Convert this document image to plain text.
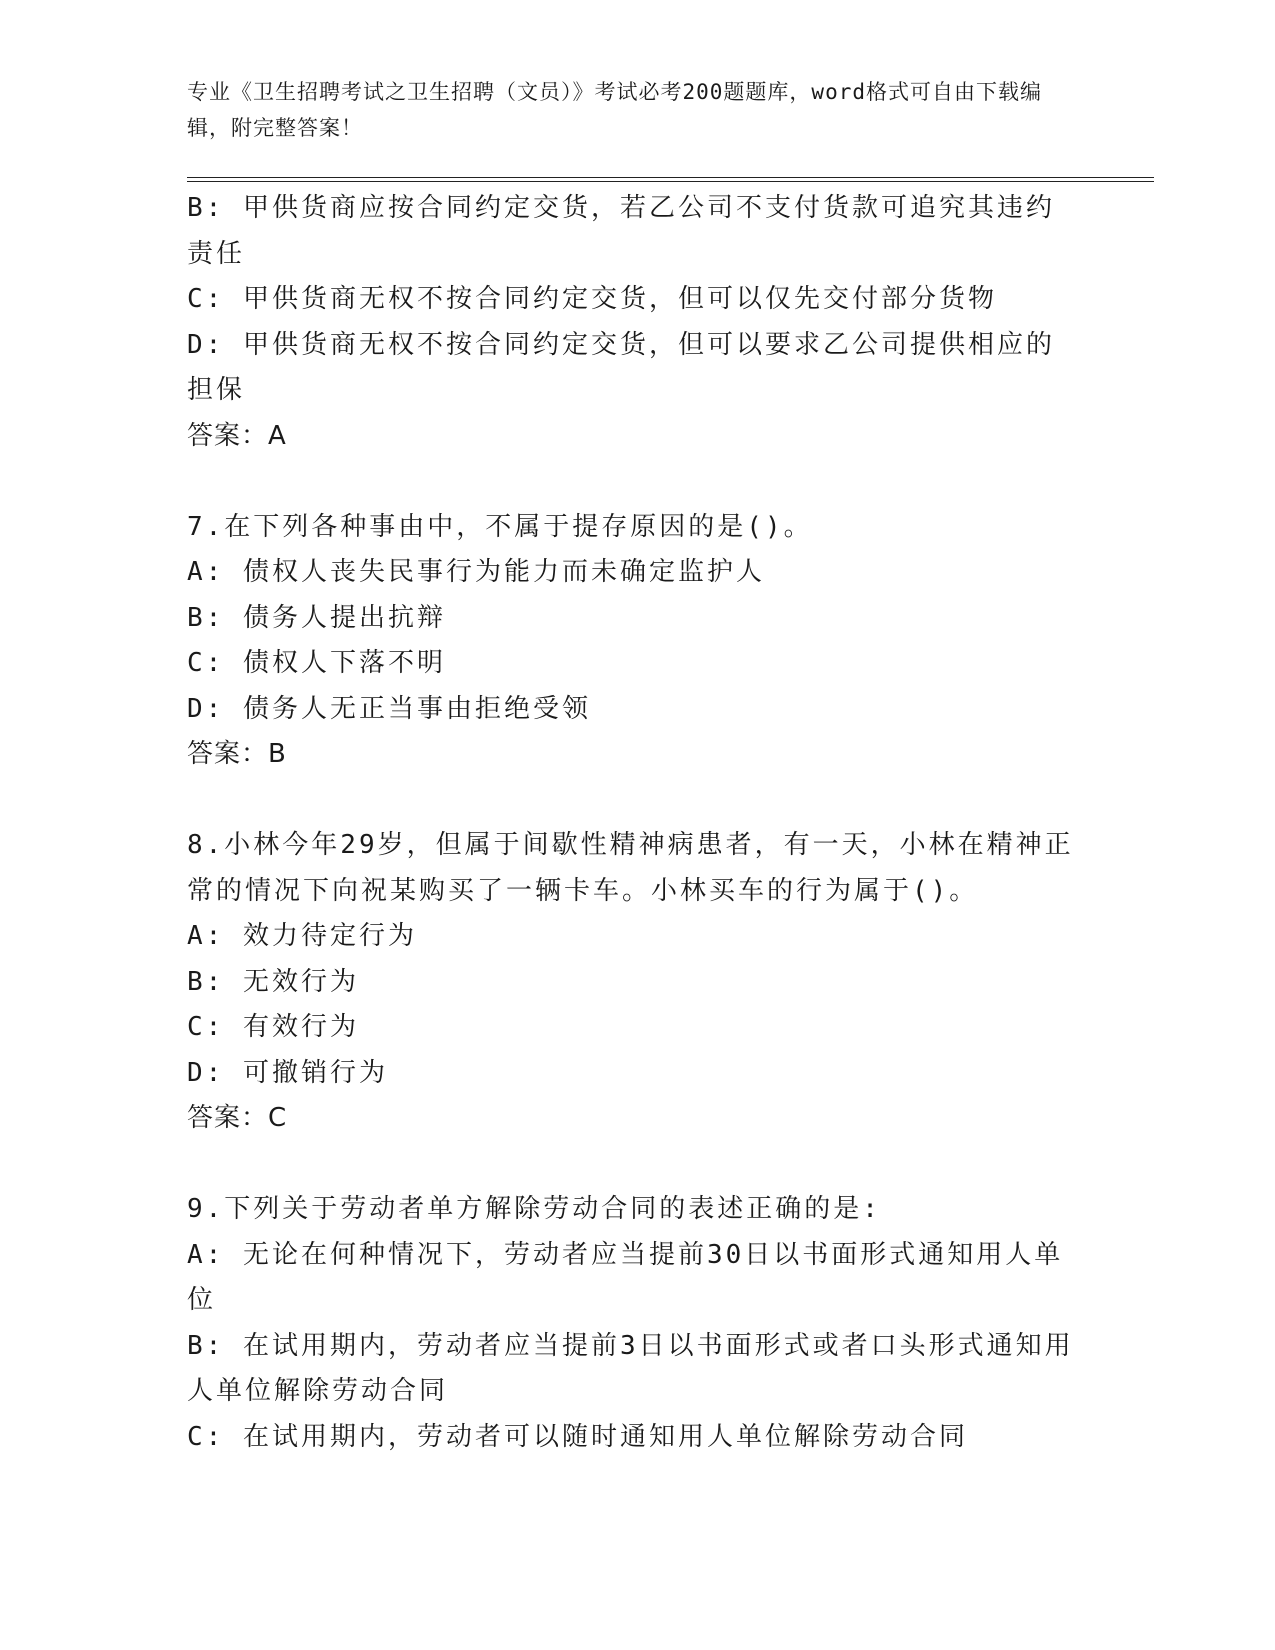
专业《卫生招聘考试之卫生招聘（文员）》考试必考200题题库，word格式可自由下载编辑，附完整答案！
B: 甲供货商应按合同约定交货，若乙公司不支付货款可追究其违约责任
C: 甲供货商无权不按合同约定交货，但可以仅先交付部分货物
D: 甲供货商无权不按合同约定交货，但可以要求乙公司提供相应的担保
答案：A
7.在下列各种事由中，不属于提存原因的是()。
A: 债权人丧失民事行为能力而未确定监护人
B: 债务人提出抗辩
C: 债权人下落不明
D: 债务人无正当事由拒绝受领
答案：B
8.小林今年29岁，但属于间歇性精神病患者，有一天，小林在精神正常的情况下向祝某购买了一辆卡车。小林买车的行为属于()。
A: 效力待定行为
B: 无效行为
C: 有效行为
D: 可撤销行为
答案：C
9.下列关于劳动者单方解除劳动合同的表述正确的是:
A: 无论在何种情况下，劳动者应当提前30日以书面形式通知用人单位
B: 在试用期内，劳动者应当提前3日以书面形式或者口头形式通知用人单位解除劳动合同
C: 在试用期内，劳动者可以随时通知用人单位解除劳动合同
